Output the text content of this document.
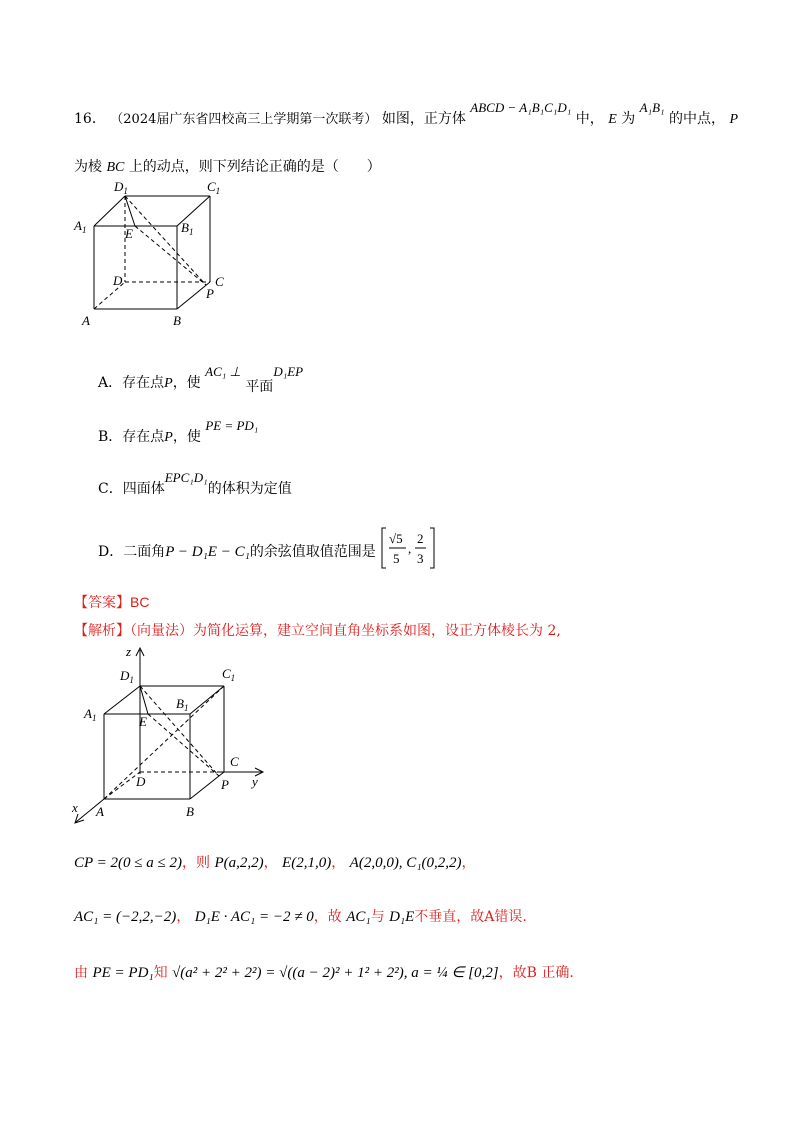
16． （2024届广东省四校高三上学期第一次联考） 如图，正方体 ABCD − A₁B₁C₁D₁ 中， E 为 A₁B₁ 的中点， P
为棱 BC 上的动点，则下列结论正确的是（　　）
$D_1$	$C_1$
$A_1$	$B_1$
E
D	C
P
A	B
A．存在点P，使 AC₁ ⊥ 平面D₁EP
B．存在点P，使 PE = PD₁
C．四面体EPC₁D₁的体积为定值
D．二面角P − D₁E − C₁的余弦值取值范围是
√5
5
,
2
3
【答案】BC
【解析】（向量法）为简化运算，建立空间直角坐标系如图，设正方体棱长为 2,
z
y
x
$D_1$	$C_1$
$A_1$
$B_1$
E
D
C
P
A	B
CP = 2(0 ≤ a ≤ 2)，则 P(a,2,2)， E(2,1,0)， A(2,0,0), C₁(0,2,2)，
AC₁ = (−2,2,−2)， D₁E · AC₁ = −2 ≠ 0，故 AC₁与 D₁E不垂直，故A错误.
由 PE = PD₁知 √(a² + 2² + 2²) = √((a − 2)² + 1² + 2²), a = ¼ ∈ [0,2]，故B 正确.
